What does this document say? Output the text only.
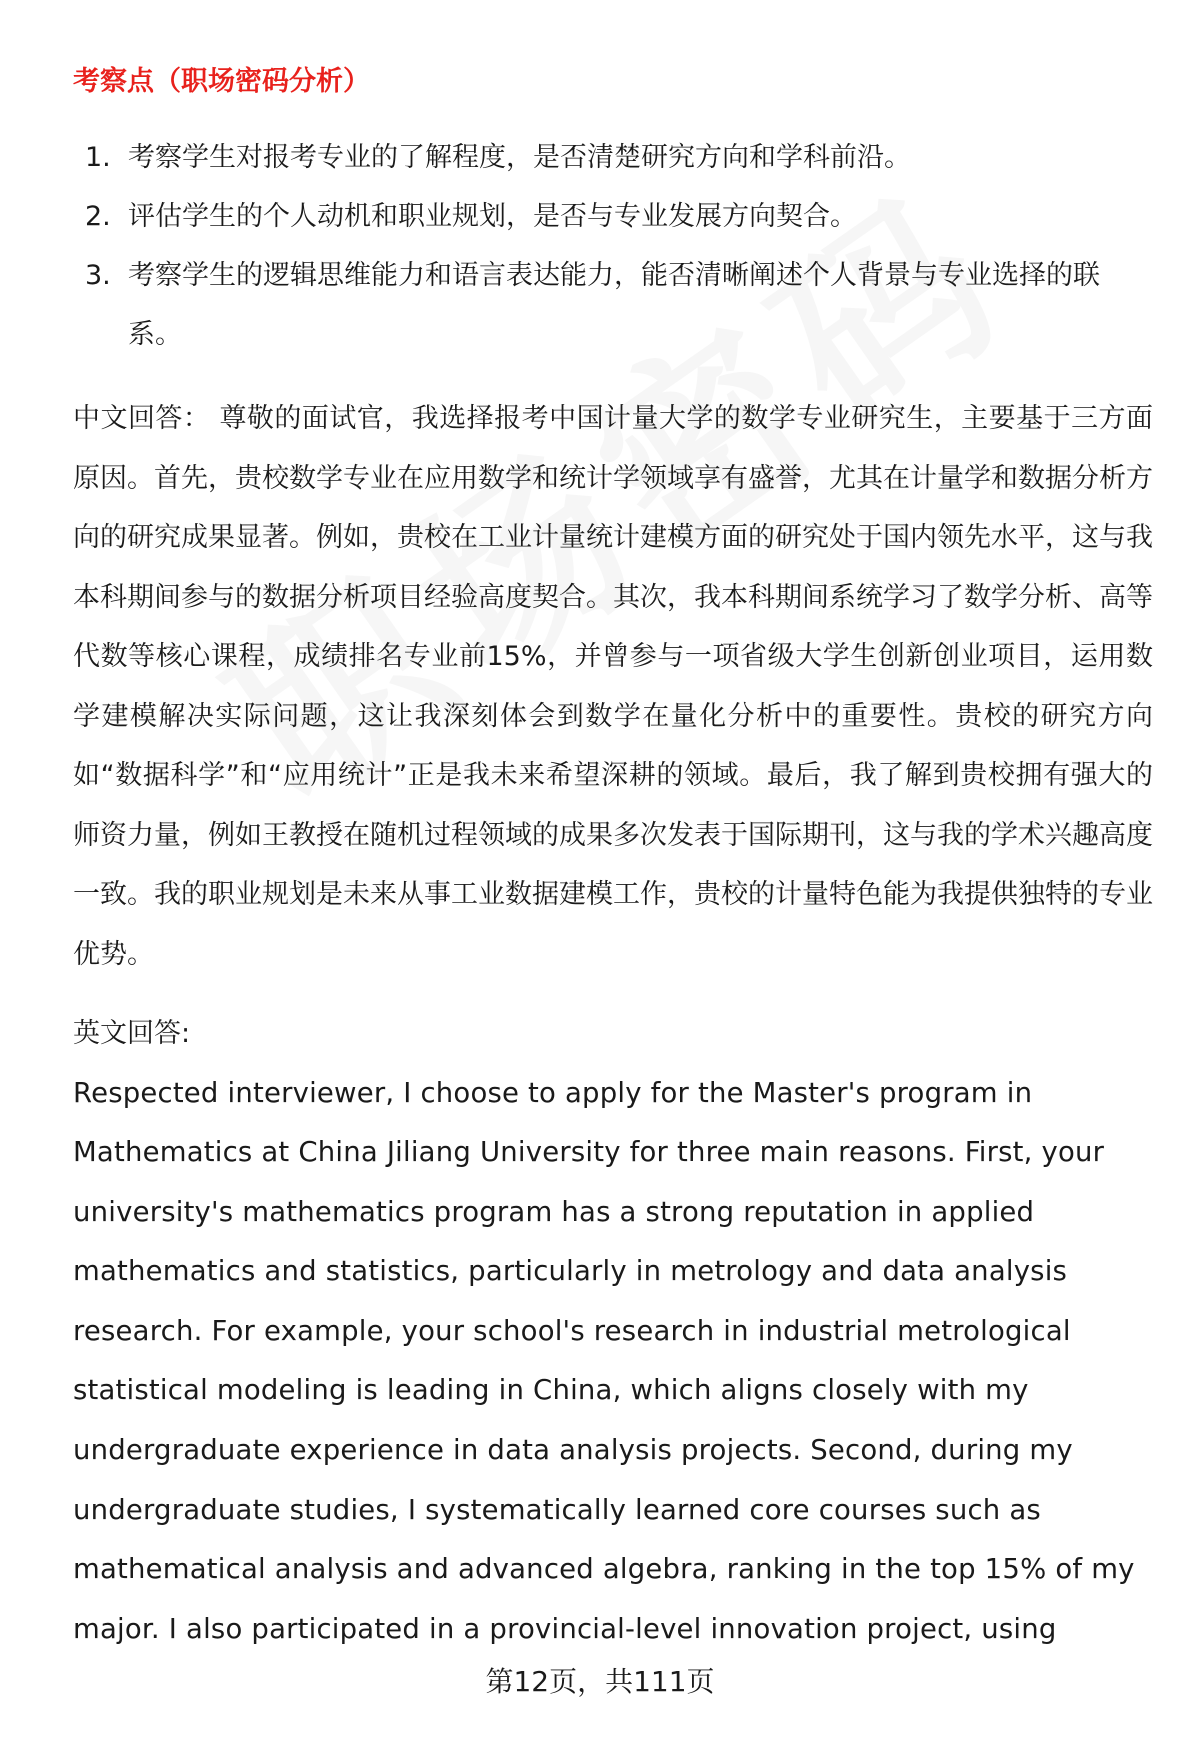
考察点（职场密码分析）
1. 考察学生对报考专业的了解程度，是否清楚研究方向和学科前沿。
2. 评估学生的个人动机和职业规划，是否与专业发展方向契合。
3. 考察学生的逻辑思维能力和语言表达能力，能否清晰阐述个人背景与专业选择的联系。
中文回答： 尊敬的面试官，我选择报考中国计量大学的数学专业研究生，主要基于三方面原因。首先，贵校数学专业在应用数学和统计学领域享有盛誉，尤其在计量学和数据分析方向的研究成果显著。例如，贵校在工业计量统计建模方面的研究处于国内领先水平，这与我本科期间参与的数据分析项目经验高度契合。其次，我本科期间系统学习了数学分析、高等代数等核心课程，成绩排名专业前15%，并曾参与一项省级大学生创新创业项目，运用数学建模解决实际问题，这让我深刻体会到数学在量化分析中的重要性。贵校的研究方向如“数据科学”和“应用统计”正是我未来希望深耕的领域。最后，我了解到贵校拥有强大的师资力量，例如王教授在随机过程领域的成果多次发表于国际期刊，这与我的学术兴趣高度一致。我的职业规划是未来从事工业数据建模工作，贵校的计量特色能为我提供独特的专业优势。
英文回答:
Respected interviewer, I choose to apply for the Master's program in
Mathematics at China Jiliang University for three main reasons. First, your
university's mathematics program has a strong reputation in applied
mathematics and statistics, particularly in metrology and data analysis
research. For example, your school's research in industrial metrological
statistical modeling is leading in China, which aligns closely with my
undergraduate experience in data analysis projects. Second, during my
undergraduate studies, I systematically learned core courses such as
mathematical analysis and advanced algebra, ranking in the top 15% of my
major. I also participated in a provincial-level innovation project, using
第12页，共111页
